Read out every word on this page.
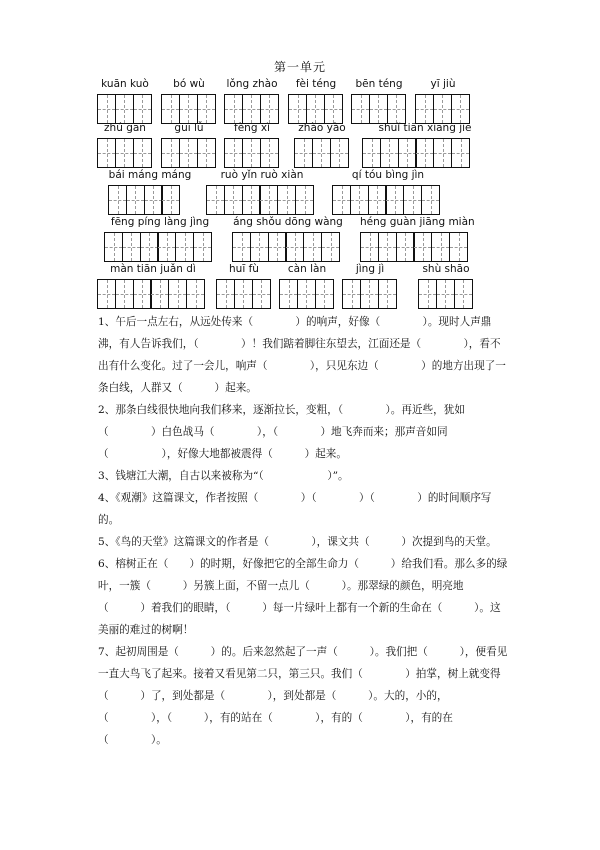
第一单元
kuān kuò	bó wù	lǒng zhào	fèi téng	bēn téng	yī jiù
zhú gān	guī lǚ	fèng xì	zhào yào	shuǐ tiān xiāng jiē
bái máng máng	ruò yǐn ruò xiàn	qí tóu bìng jìn
fēng píng làng jìng	áng shǒu dōng wàng héng guàn jiāng miàn
màn tiān juǎn dì	huī fù	càn làn	jìng jì	shù shāo

1、午后一点左右，从远处传来（　　　　）的响声，好像（　　　　）。现时人声鼎沸，有人告诉我们，（　　　　）！我们踮着脚往东望去，江面还是（　　　　），看不出有什么变化。过了一会儿，响声（　　　　），只见东边（　　　　）的地方出现了一条白线，人群又（　　　）起来。

2、那条白线很快地向我们移来，逐渐拉长，变粗，（　　　　）。再近些，犹如（　　　　）白色战马（　　　　），（　　　　）地飞奔而来；那声音如同（　　　　　），好像大地都被震得（　　　）起来。

3、钱塘江大潮，自古以来被称为“（　　　　　　）”。

4、《观潮》这篇课文，作者按照（　　　　）（　　　　）（　　　　）的时间顺序写的。

5、《鸟的天堂》这篇课文的作者是（　　　　），课文共（　　　）次提到鸟的天堂。

6、榕树正在（　　）的时期，好像把它的全部生命力（　　　）给我们看。那么多的绿叶，一簇（　　　）另簇上面，不留一点儿（　　　）。那翠绿的颜色，明亮地（　　　）着我们的眼睛，（　　　）每一片绿叶上都有一个新的生命在（　　　）。这美丽的难过的树啊！

7、起初周围是（　　　）的。后来忽然起了一声（　　　）。我们把（　　　），便看见一直大鸟飞了起来。接着又看见第二只，第三只。我们（　　　　）拍掌，树上就变得（　　　）了，到处都是（　　　　），到处都是（　　　）。大的，小的，（　　　　），（　　　），有的站在（　　　　），有的（　　　　），有的在（　　　　）。
